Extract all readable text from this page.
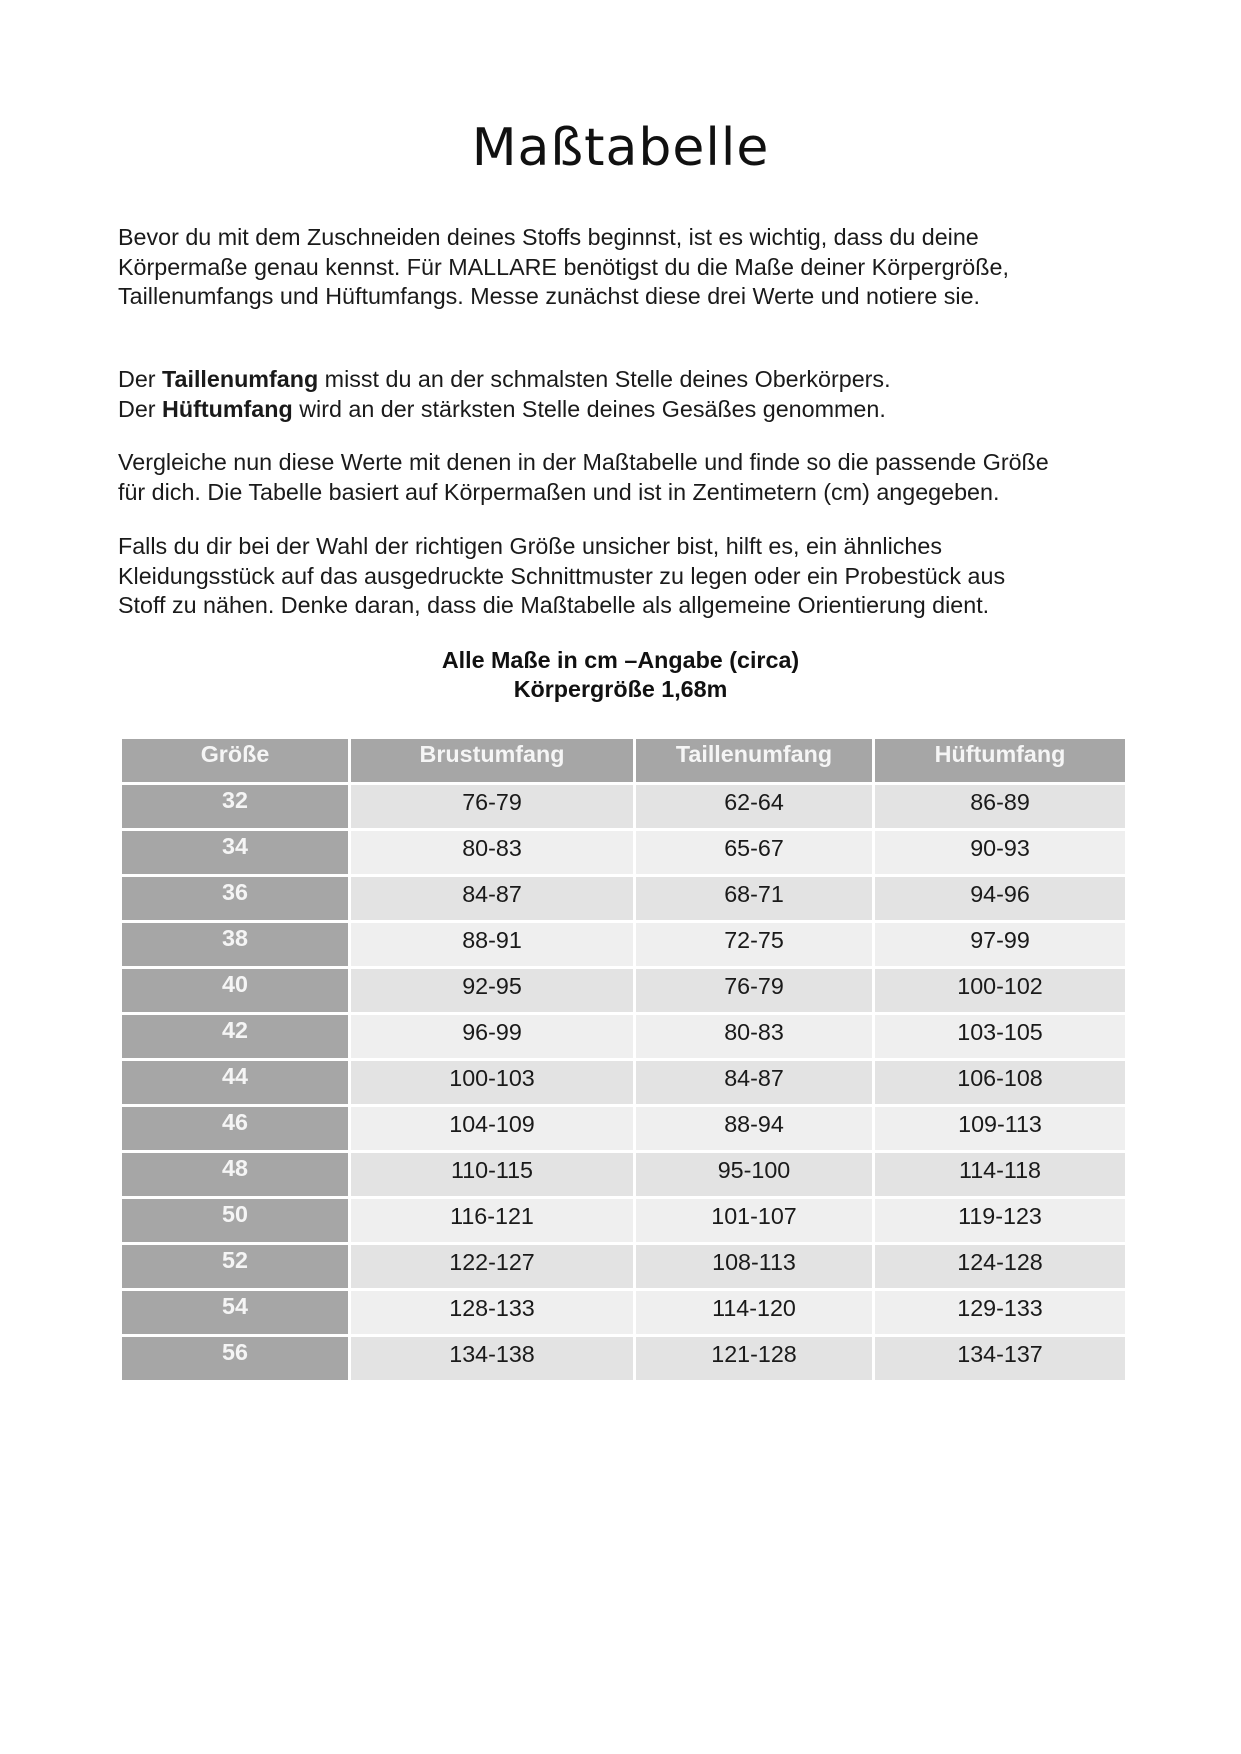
Maßtabelle

Bevor du mit dem Zuschneiden deines Stoffs beginnst, ist es wichtig, dass du deine
Körpermaße genau kennst. Für MALLARE benötigst du die Maße deiner Körpergröße,
Taillenumfangs und Hüftumfangs. Messe zunächst diese drei Werte und notiere sie.

Der Taillenumfang misst du an der schmalsten Stelle deines Oberkörpers.
Der Hüftumfang wird an der stärksten Stelle deines Gesäßes genommen.

Vergleiche nun diese Werte mit denen in der Maßtabelle und finde so die passende Größe
für dich. Die Tabelle basiert auf Körpermaßen und ist in Zentimetern (cm) angegeben.

Falls du dir bei der Wahl der richtigen Größe unsicher bist, hilft es, ein ähnliches
Kleidungsstück auf das ausgedruckte Schnittmuster zu legen oder ein Probestück aus
Stoff zu nähen. Denke daran, dass die Maßtabelle als allgemeine Orientierung dient.

Alle Maße in cm –Angabe (circa)

Körpergröße 1,68m

Größe	Brustumfang	Taillenumfang	Hüftumfang
32	76-79	62-64	86-89
34	80-83	65-67	90-93
36	84-87	68-71	94-96
38	88-91	72-75	97-99
40	92-95	76-79	100-102
42	96-99	80-83	103-105
44	100-103	84-87	106-108
46	104-109	88-94	109-113
48	110-115	95-100	114-118
50	116-121	101-107	119-123
52	122-127	108-113	124-128
54	128-133	114-120	129-133
56	134-138	121-128	134-137
